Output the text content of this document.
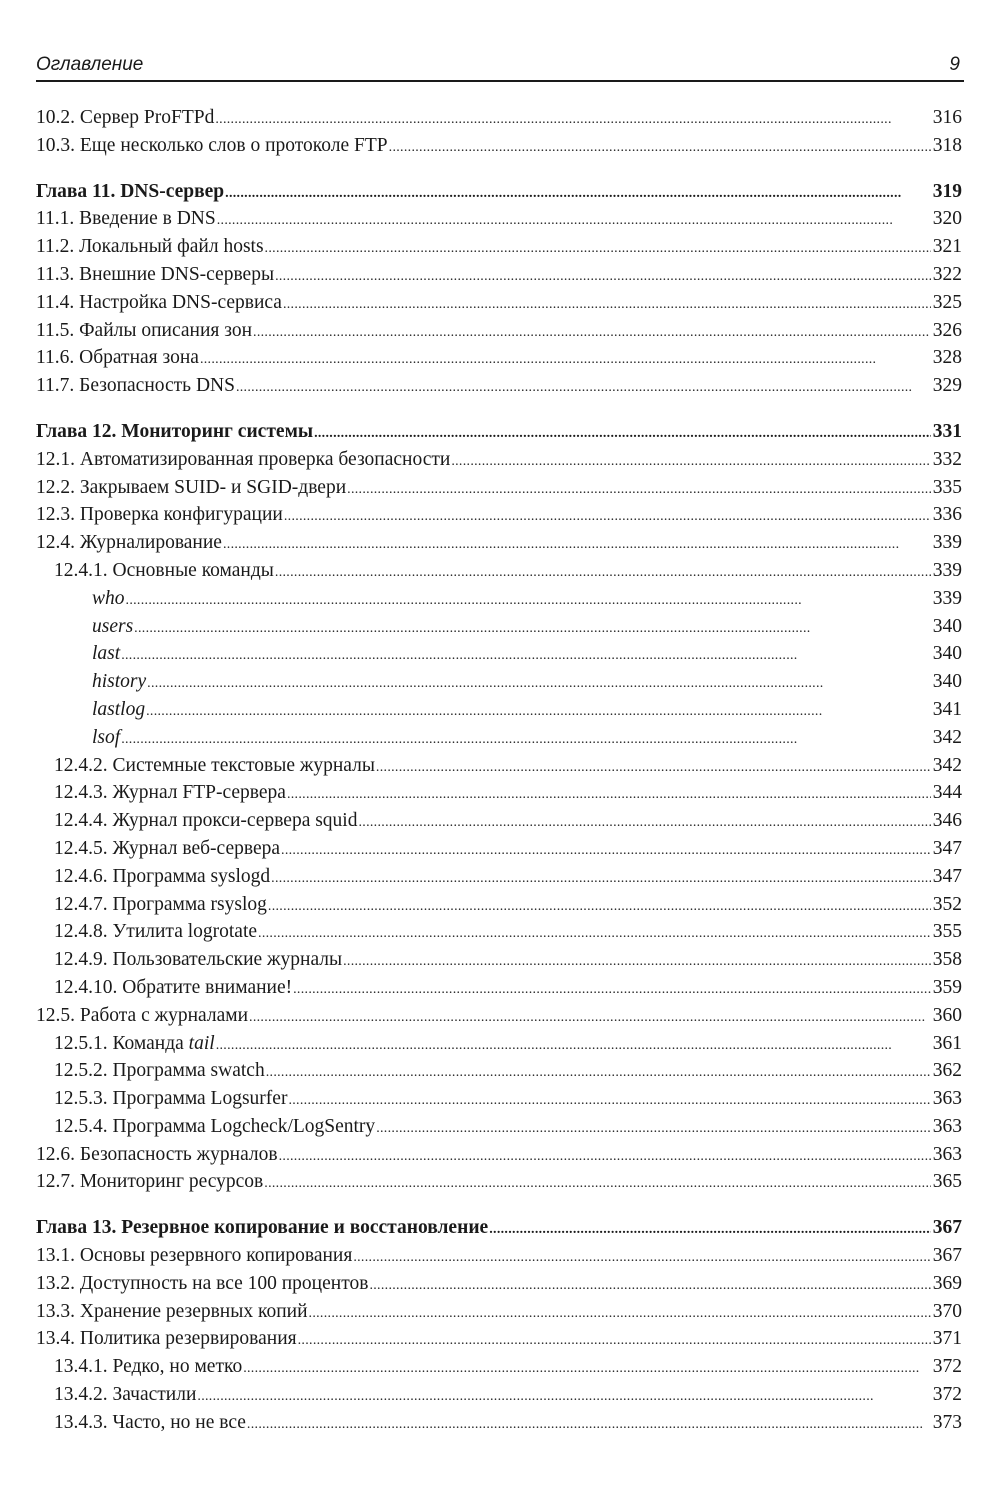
Оглавление	9
10.2. Сервер ProFTPd . . .	316
10.3. Еще несколько слов о протоколе FTP . . .	318
Глава 11. DNS-сервер . . .	319
11.1. Введение в DNS . . .	320
11.2. Локальный файл hosts . . .	321
11.3. Внешние DNS-серверы . . .	322
11.4. Настройка DNS-сервиса . . .	325
11.5. Файлы описания зон . . .	326
11.6. Обратная зона . . .	328
11.7. Безопасность DNS . . .	329
Глава 12. Мониторинг системы . . .	331
12.1. Автоматизированная проверка безопасности . . .	332
12.2. Закрываем SUID- и SGID-двери . . .	335
12.3. Проверка конфигурации . . .	336
12.4. Журналирование . . .	339
12.4.1. Основные команды . . .	339
who . . .	339
users . . .	340
last . . .	340
history . . .	340
lastlog . . .	341
lsof . . .	342
12.4.2. Системные текстовые журналы . . .	342
12.4.3. Журнал FTP-сервера . . .	344
12.4.4. Журнал прокси-сервера squid . . .	346
12.4.5. Журнал веб-сервера . . .	347
12.4.6. Программа syslogd . . .	347
12.4.7. Программа rsyslog . . .	352
12.4.8. Утилита logrotate . . .	355
12.4.9. Пользовательские журналы . . .	358
12.4.10. Обратите внимание! . . .	359
12.5. Работа с журналами . . .	360
12.5.1. Команда tail . . .	361
12.5.2. Программа swatch . . .	362
12.5.3. Программа Logsurfer . . .	363
12.5.4. Программа Logcheck/LogSentry . . .	363
12.6. Безопасность журналов . . .	363
12.7. Мониторинг ресурсов . . .	365
Глава 13. Резервное копирование и восстановление . . .	367
13.1. Основы резервного копирования . . .	367
13.2. Доступность на все 100 процентов . . .	369
13.3. Хранение резервных копий . . .	370
13.4. Политика резервирования . . .	371
13.4.1. Редко, но метко . . .	372
13.4.2. Зачастили . . .	372
13.4.3. Часто, но не все . . .	373
